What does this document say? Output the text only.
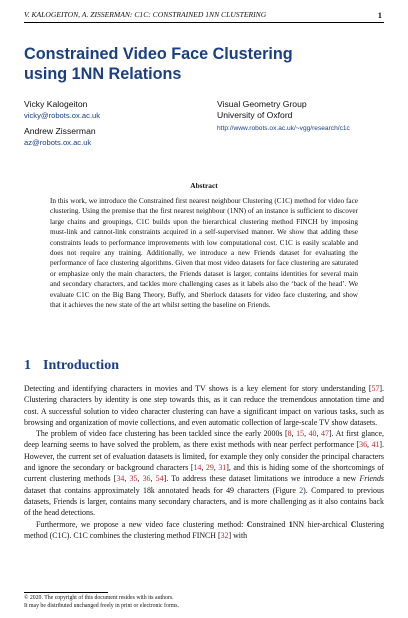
V. KALOGEITON, A. ZISSERMAN: C1C: CONSTRAINED 1NN CLUSTERING	1
Constrained Video Face Clustering
using 1NN Relations
Vicky Kalogeiton
vicky@robots.ox.ac.uk
Andrew Zisserman
az@robots.ox.ac.uk
Visual Geometry Group
University of Oxford
http://www.robots.ox.ac.uk/~vgg/research/c1c
Abstract

In this work, we introduce the Constrained first nearest neighbour Clustering (C1C) method for video face clustering. Using the premise that the first nearest neighbour (1NN) of an instance is sufficient to discover large chains and groupings, C1C builds upon the hierarchical clustering method FINCH by imposing must-link and cannot-link constraints acquired in a self-supervised manner. We show that adding these constraints leads to performance improvements with low computational cost. C1C is easily scalable and does not require any training. Additionally, we introduce a new Friends dataset for evaluating the performance of face clustering algorithms. Given that most video datasets for face clustering are saturated or emphasize only the main characters, the Friends dataset is larger, contains identities for several main and secondary characters, and tackles more challenging cases as it labels also the ‘back of the head’. We evaluate C1C on the Big Bang Theory, Buffy, and Sherlock datasets for video face clustering, and show that it achieves the new state of the art whilst setting the baseline on Friends.

1 Introduction

Detecting and identifying characters in movies and TV shows is a key element for story understanding [57]. Clustering characters by identity is one step towards this, as it can reduce the tremendous annotation time and cost. A successful solution to video character clustering can have a significant impact on various tasks, such as browsing and organization of movie collections, and even automatic collection of large-scale TV show datasets.

The problem of video face clustering has been tackled since the early 2000s [8, 15, 40, 47]. At first glance, deep learning seems to have solved the problem, as there exist methods with near perfect performance [36, 41]. However, the current set of evaluation datasets is limited, for example they only consider the principal characters and ignore the secondary or background characters [14, 29, 31], and this is hiding some of the shortcomings of current clustering methods [34, 35, 36, 54]. To address these dataset limitations we introduce a new Friends dataset that contains approximately 18k annotated heads for 49 characters (Figure 2). Compared to previous datasets, Friends is larger, contains many secondary characters, and is more challenging as it also contains back of the head detections.

Furthermore, we propose a new video face clustering method: Constrained 1NN hier-archical Clustering method (C1C). C1C combines the clustering method FINCH [32] with

© 2020. The copyright of this document resides with its authors.
It may be distributed unchanged freely in print or electronic forms.
